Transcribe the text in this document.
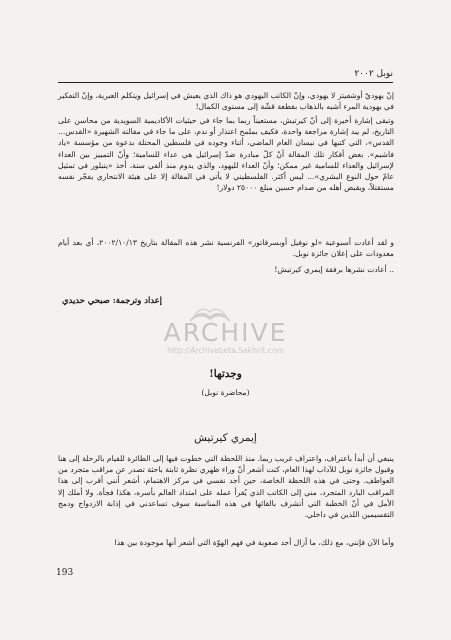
نوبل ٢٠٠٢

إنّ يهوديّ أوشفيتز لا يهودي، وإنّ الكاتب اليهودي هو ذاك الذي يعيش في إسرائيل ويتكلم العبرية، وإنّ التفكير في يهودية المرء أشبه بالذهاب بقطعة قشّة إلى مستوى الكمال!

وتبقى إشارة أخيرة إلى أنّ كيرتيش، مستعيناً ربما بما جاء في حيثيات الأكاديمية السويدية من محاسن على التاريخ، لم يبد إشارة مراجعة واحدة، فكيف بملمح اعتذار أو ندم، على ما جاء في مقالته الشهيرة «القدس... القدس»، التي كتبها في نيسان العام الماضي، أثناء وجوده في فلسطين المحتلة بدعوة من مؤسسة «ياد فاشيم». بعض أفكار تلك المقالة أنّ كلّ مبادرة ضدّ إسرائيل هي عداء للسامية؛ وأنّ التمييز بين العداء لإسرائيل والعداء للسامية غير ممكن؛ وأنّ العداء لليهود، والذي يدوم منذ ألفي سنة، أخذ «يتبلور في تمثيل عامّ حول النوع البشري»... ليس أكثر. الفلسطيني لا يأتي في المقالة إلا على هيئة الانتحاري يفجّر نفسه مستقتلاً، ويقبض أهله من صدام حسين مبلغ ٢٥٠٠٠ دولار!

و لقد أعادت أسبوعية «لو نوفيل أوبسرفاتور» الفرنسية نشر هذه المقالة بتاريخ ٢٠٠٢/١٠/١٣، أي بعد أيام معدودات على إعلان جائزة نوبل.

.. أعادت نشرها برفقة إيمري كيرتيش!

إعداد وترجمة: صبحي حديدي
ARCHIVE
http://Archivebeta.Sakhrit.com
وجدتها!
(محاضرة نوبل)
إيمري كيرتيش

ينبغي أن أبدأ باعتراف، واعتراف غريب ربما. منذ اللحظة التي خطوت فيها إلى الطائرة للقيام بالرحلة إلى هنا وقبول جائزة نوبل للآداب لهذا العام، كنت أشعر أنّ وراء ظهري نظرة ثابتة باحثة تصدر عن مراقب متجرد من العواطف. وحتى في هذه اللحظة الخاصة، حين أجد نفسي في مركز الاهتمام، أشعر أنني أقرب إلى هذا المراقب البارد المتجرد، مني إلى الكاتب الذي يُقرأ عمله على امتداد العالم بأسره، هكذا فجأة. ولا أملك إلا الأمل في أنّ الخطبة التي أتشرف بالقائها في هذه المناسبة سوف تساعدني في إذابة الازدواج ودمج التقسيمين اللذين في داخلي.

وأما الآن فإنني، مع ذلك، ما أزال أجد صعوبة في فهم الهوّة التي أشعر أنها موجودة بين هذا

193
